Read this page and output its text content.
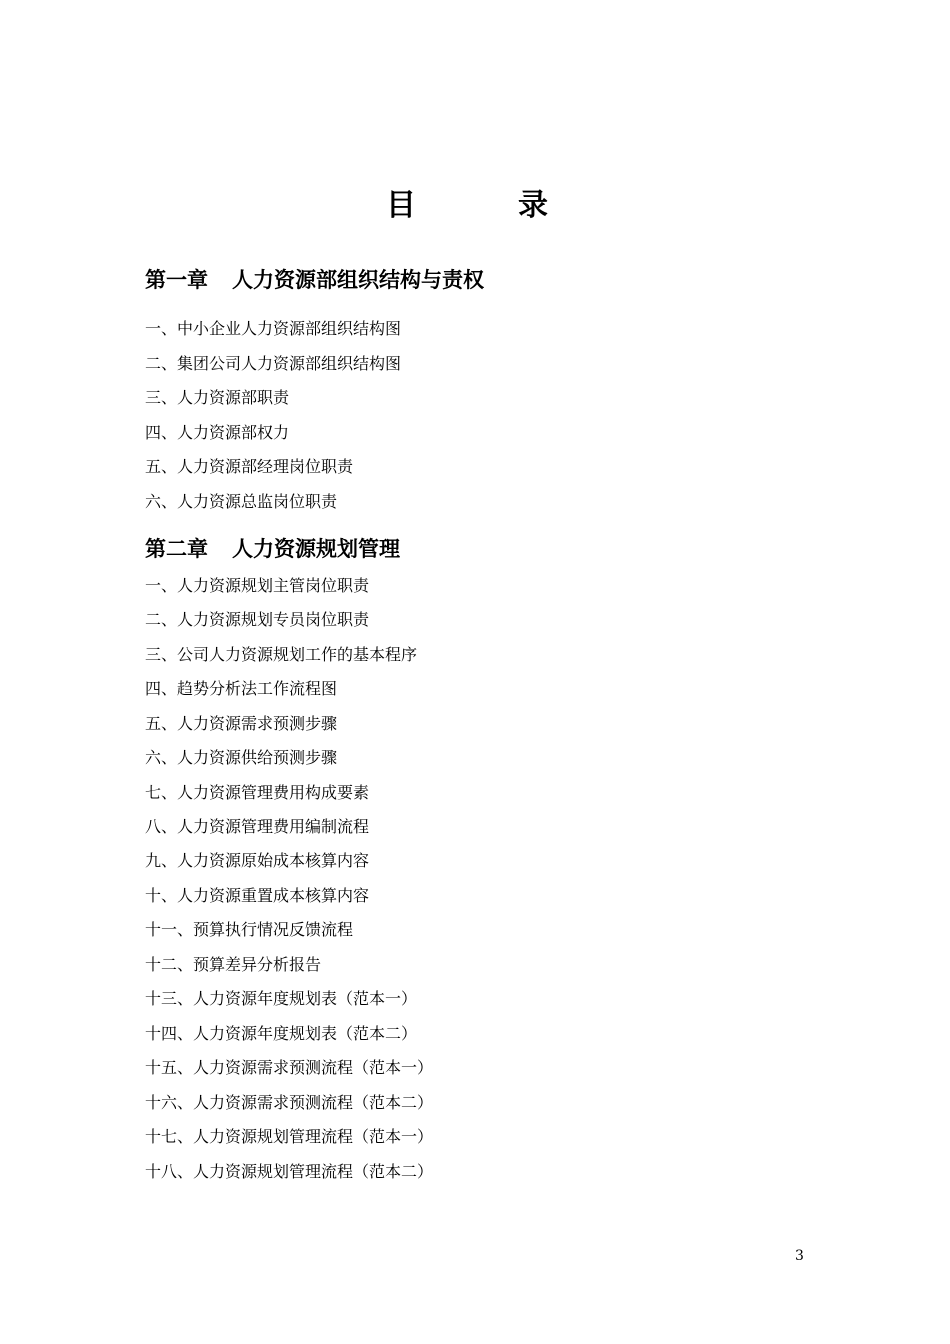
目　录
第一章 人力资源部组织结构与责权
一、中小企业人力资源部组织结构图
二、集团公司人力资源部组织结构图
三、人力资源部职责
四、人力资源部权力
五、人力资源部经理岗位职责
六、人力资源总监岗位职责
第二章 人力资源规划管理
一、人力资源规划主管岗位职责
二、人力资源规划专员岗位职责
三、公司人力资源规划工作的基本程序
四、趋势分析法工作流程图
五、人力资源需求预测步骤
六、人力资源供给预测步骤
七、人力资源管理费用构成要素
八、人力资源管理费用编制流程
九、人力资源原始成本核算内容
十、人力资源重置成本核算内容
十一、预算执行情况反馈流程
十二、预算差异分析报告
十三、人力资源年度规划表（范本一）
十四、人力资源年度规划表（范本二）
十五、人力资源需求预测流程（范本一）
十六、人力资源需求预测流程（范本二）
十七、人力资源规划管理流程（范本一）
十八、人力资源规划管理流程（范本二）
3
